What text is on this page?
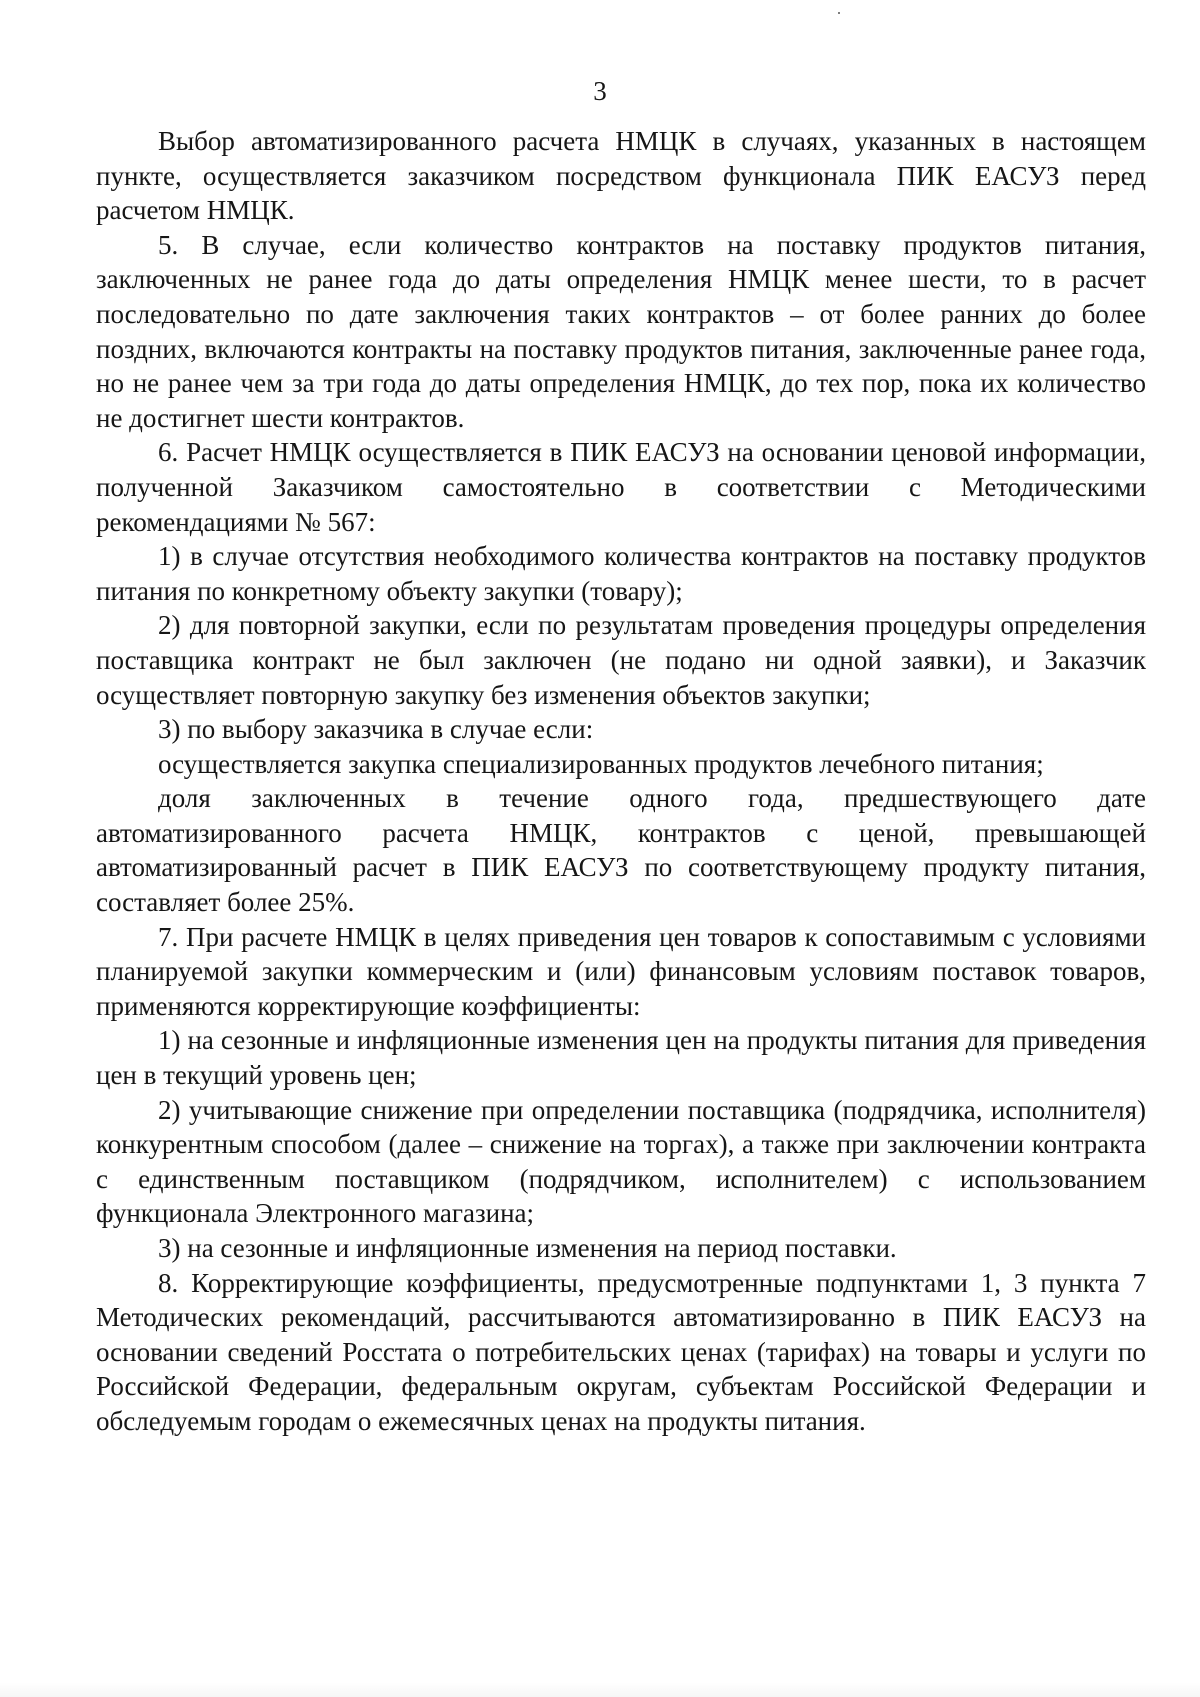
3

Выбор автоматизированного расчета НМЦК в случаях, указанных в настоящем пункте, осуществляется заказчиком посредством функционала ПИК ЕАСУЗ перед расчетом НМЦК.

5. В случае, если количество контрактов на поставку продуктов питания, заключенных не ранее года до даты определения НМЦК менее шести, то в расчет последовательно по дате заключения таких контрактов – от более ранних до более поздних, включаются контракты на поставку продуктов питания, заключенные ранее года, но не ранее чем за три года до даты определения НМЦК, до тех пор, пока их количество не достигнет шести контрактов.

6. Расчет НМЦК осуществляется в ПИК ЕАСУЗ на основании ценовой информации, полученной Заказчиком самостоятельно в соответствии с Методическими рекомендациями № 567:

1) в случае отсутствия необходимого количества контрактов на поставку продуктов питания по конкретному объекту закупки (товару);

2) для повторной закупки, если по результатам проведения процедуры определения поставщика контракт не был заключен (не подано ни одной заявки), и Заказчик осуществляет повторную закупку без изменения объектов закупки;

3) по выбору заказчика в случае если:

осуществляется закупка специализированных продуктов лечебного питания;

доля заключенных в течение одного года, предшествующего дате автоматизированного расчета НМЦК, контрактов с ценой, превышающей автоматизированный расчет в ПИК ЕАСУЗ по соответствующему продукту питания, составляет более 25%.

7. При расчете НМЦК в целях приведения цен товаров к сопоставимым с условиями планируемой закупки коммерческим и (или) финансовым условиям поставок товаров, применяются корректирующие коэффициенты:

1) на сезонные и инфляционные изменения цен на продукты питания для приведения цен в текущий уровень цен;

2) учитывающие снижение при определении поставщика (подрядчика, исполнителя) конкурентным способом (далее – снижение на торгах), а также при заключении контракта с единственным поставщиком (подрядчиком, исполнителем) с использованием функционала Электронного магазина;

3) на сезонные и инфляционные изменения на период поставки.

8. Корректирующие коэффициенты, предусмотренные подпунктами 1, 3 пункта 7 Методических рекомендаций, рассчитываются автоматизированно в ПИК ЕАСУЗ на основании сведений Росстата о потребительских ценах (тарифах) на товары и услуги по Российской Федерации, федеральным округам, субъектам Российской Федерации и обследуемым городам о ежемесячных ценах на продукты питания.
